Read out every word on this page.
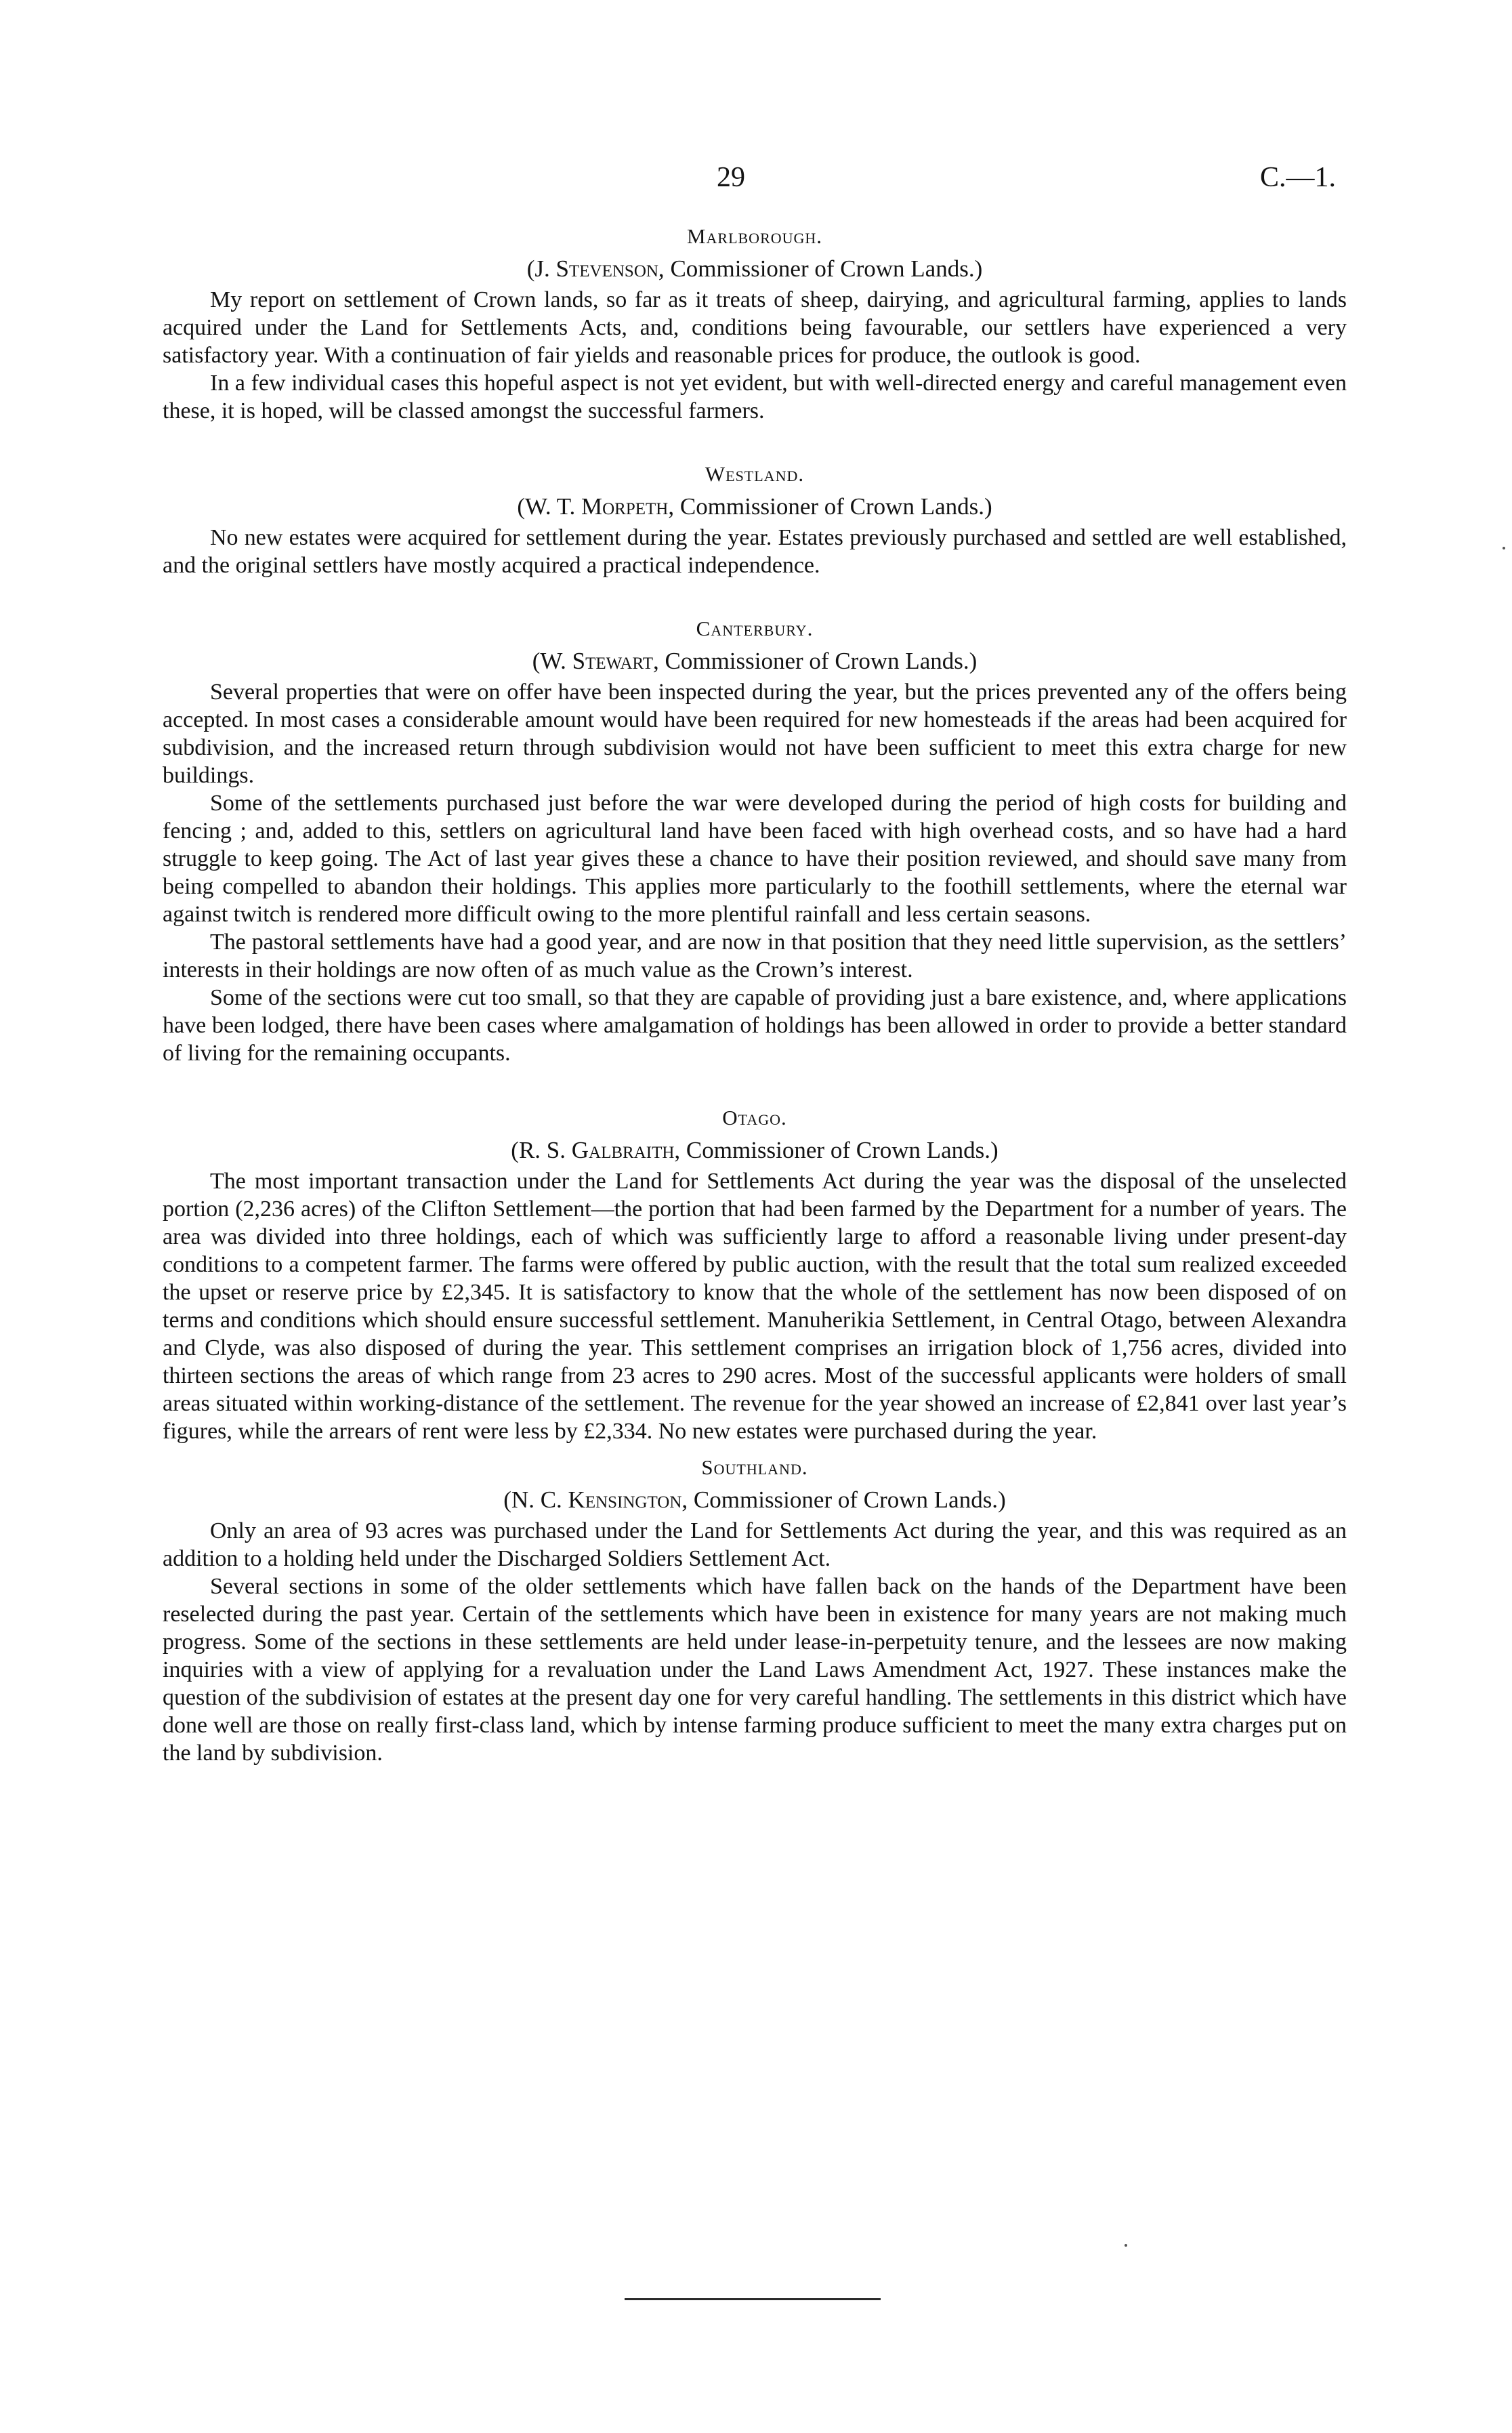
29	C.—1.
Marlborough.
(J. Stevenson, Commissioner of Crown Lands.)

My report on settlement of Crown lands, so far as it treats of sheep, dairying, and agricultural farming, applies to lands acquired under the Land for Settlements Acts, and, conditions being favourable, our settlers have experienced a very satisfactory year. With a continuation of fair yields and reasonable prices for produce, the outlook is good.

In a few individual cases this hopeful aspect is not yet evident, but with well-directed energy and careful management even these, it is hoped, will be classed amongst the successful farmers.

Westland.
(W. T. Morpeth, Commissioner of Crown Lands.)

No new estates were acquired for settlement during the year. Estates previously purchased and settled are well established, and the original settlers have mostly acquired a practical independence.

Canterbury.
(W. Stewart, Commissioner of Crown Lands.)

Several properties that were on offer have been inspected during the year, but the prices prevented any of the offers being accepted. In most cases a considerable amount would have been required for new homesteads if the areas had been acquired for subdivision, and the increased return through subdivision would not have been sufficient to meet this extra charge for new buildings.

Some of the settlements purchased just before the war were developed during the period of high costs for building and fencing ; and, added to this, settlers on agricultural land have been faced with high overhead costs, and so have had a hard struggle to keep going. The Act of last year gives these a chance to have their position reviewed, and should save many from being compelled to abandon their holdings. This applies more particularly to the foothill settlements, where the eternal war against twitch is rendered more difficult owing to the more plentiful rainfall and less certain seasons.

The pastoral settlements have had a good year, and are now in that position that they need little supervision, as the settlers’ interests in their holdings are now often of as much value as the Crown’s interest.

Some of the sections were cut too small, so that they are capable of providing just a bare existence, and, where applications have been lodged, there have been cases where amalgamation of holdings has been allowed in order to provide a better standard of living for the remaining occupants.

Otago.
(R. S. Galbraith, Commissioner of Crown Lands.)

The most important transaction under the Land for Settlements Act during the year was the disposal of the unselected portion (2,236 acres) of the Clifton Settlement—the portion that had been farmed by the Department for a number of years. The area was divided into three holdings, each of which was sufficiently large to afford a reasonable living under present-day conditions to a competent farmer. The farms were offered by public auction, with the result that the total sum realized exceeded the upset or reserve price by £2,345. It is satisfactory to know that the whole of the settlement has now been disposed of on terms and conditions which should ensure successful settlement. Manuherikia Settlement, in Central Otago, between Alexandra and Clyde, was also disposed of during the year. This settlement comprises an irrigation block of 1,756 acres, divided into thirteen sections the areas of which range from 23 acres to 290 acres. Most of the successful applicants were holders of small areas situated within working-distance of the settlement. The revenue for the year showed an increase of £2,841 over last year’s figures, while the arrears of rent were less by £2,334. No new estates were purchased during the year.

Southland.
(N. C. Kensington, Commissioner of Crown Lands.)

Only an area of 93 acres was purchased under the Land for Settlements Act during the year, and this was required as an addition to a holding held under the Discharged Soldiers Settlement Act.

Several sections in some of the older settlements which have fallen back on the hands of the Department have been reselected during the past year. Certain of the settlements which have been in existence for many years are not making much progress. Some of the sections in these settlements are held under lease-in-perpetuity tenure, and the lessees are now making inquiries with a view of applying for a revaluation under the Land Laws Amendment Act, 1927. These instances make the question of the subdivision of estates at the present day one for very careful handling. The settlements in this district which have done well are those on really first-class land, which by intense farming produce sufficient to meet the many extra charges put on the land by subdivision.
